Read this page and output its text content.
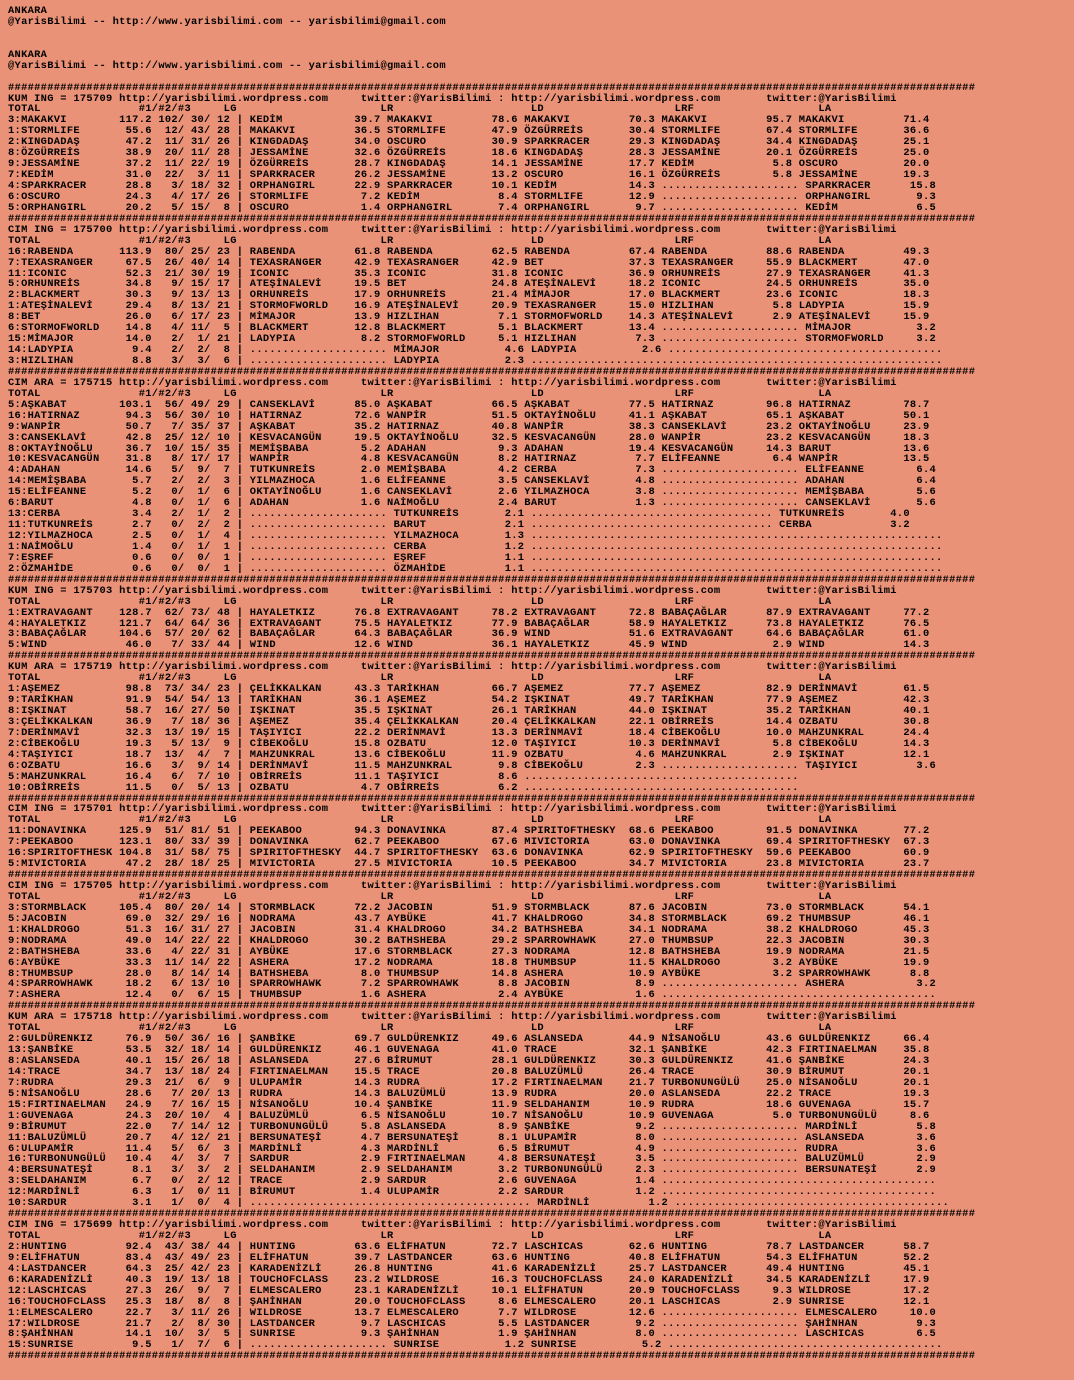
ANKARA
@YarisBilimi -- http://www.yarisbilimi.com -- yarisbilimi@gmail.com
ANKARA
@YarisBilimi -- http://www.yarisbilimi.com -- yarisbilimi@gmail.com
####################################################################################################################################################
KUM ING = 175709 http://yarisbilimi.wordpress.com     twitter:@YarisBilimi : http://yarisbilimi.wordpress.com       twitter:@YarisBilimi
TOTAL               #1/#2/#3     LG                      LR                     LD                    LRF                   LA
3:MAKAKVI        117.2 102/ 30/ 12 | KEDİM           39.7 MAKAKVI         78.6 MAKAKVI         70.3 MAKAKVI         95.7 MAKAKVI         71.4
1:STORMLIFE       55.6  12/ 43/ 28 | MAKAKVI         36.5 STORMLIFE       47.9 ÖZGÜRREİS       30.4 STORMLIFE       67.4 STORMLIFE       36.6
2:KINGDADAŞ       47.2  11/ 31/ 26 | KINGDADAŞ       34.0 OSCURO          30.9 SPARKRACER      29.3 KINGDADAŞ       34.4 KINGDADAŞ       25.1
8:ÖZGÜRREİS       38.9  20/ 11/ 28 | JESSAMİNE       32.6 ÖZGÜRREİS       18.6 KINGDADAŞ       28.3 JESSAMİNE       20.1 ÖZGÜRREİS       25.0
9:JESSAMİNE       37.2  11/ 22/ 19 | ÖZGÜRREİS       28.7 KINGDADAŞ       14.1 JESSAMİNE       17.7 KEDİM            5.8 OSCURO          20.0
7:KEDİM           31.0  22/  3/ 11 | SPARKRACER      26.2 JESSAMİNE       13.2 OSCURO          16.1 ÖZGÜRREİS        5.8 JESSAMİNE       19.3
4:SPARKRACER      28.8   3/ 18/ 32 | ORPHANGIRL      22.9 SPARKRACER      10.1 KEDİM           14.3 ..................... SPARKRACER      15.8
6:OSCURO          24.3   4/ 17/ 26 | STORMLIFE        7.2 KEDİM            8.4 STORMLIFE       12.9 ..................... ORPHANGIRL       9.3
5:ORPHANGIRL      20.2   5/ 15/  8 | OSCURO           1.4 ORPHANGIRL       7.4 ORPHANGIRL       9.7 ..................... KEDİM            6.5
####################################################################################################################################################
CIM ING = 175700 http://yarisbilimi.wordpress.com     twitter:@YarisBilimi : http://yarisbilimi.wordpress.com       twitter:@YarisBilimi
TOTAL               #1/#2/#3     LG                      LR                     LD                    LRF                   LA
16:RABENDA       113.9  80/ 25/ 23 | RABENDA         61.8 RABENDA         62.5 RABENDA         67.4 RABENDA         88.6 RABENDA         49.3
7:TEXASRANGER     67.5  26/ 40/ 14 | TEXASRANGER     42.9 TEXASRANGER     42.9 BET             37.3 TEXASRANGER     55.9 BLACKMERT       47.0
11:ICONIC         52.3  21/ 30/ 19 | ICONIC          35.3 ICONIC          31.8 ICONIC          36.9 ORHUNREİS       27.9 TEXASRANGER     41.3
5:ORHUNREİS       34.8   9/ 15/ 17 | ATEŞİNALEVİ     19.5 BET             24.8 ATEŞİNALEVİ     18.2 ICONIC          24.5 ORHUNREİS       35.0
2:BLACKMERT       30.3   9/ 13/ 13 | ORHUNREİS       17.9 ORHUNREİS       21.4 MİMAJOR         17.0 BLACKMERT       23.6 ICONIC          18.3
1:ATEŞİNALEVİ     29.4   8/ 13/ 21 | STORMOFWORLD    16.9 ATEŞİNALEVİ     20.9 TEXASRANGER     15.0 HIZLIHAN         5.8 LADYPIA         15.9
8:BET             26.0   6/ 17/ 23 | MİMAJOR         13.9 HIZLIHAN         7.1 STORMOFWORLD    14.3 ATEŞİNALEVİ      2.9 ATEŞİNALEVİ     15.9
6:STORMOFWORLD    14.8   4/ 11/  5 | BLACKMERT       12.8 BLACKMERT        5.1 BLACKMERT       13.4 ..................... MİMAJOR          3.2
15:MİMAJOR        14.0   2/  1/ 21 | LADYPIA          8.2 STORMOFWORLD     5.1 HIZLIHAN         7.3 ..................... STORMOFWORLD     3.2
14:LADYPIA         9.4   2/  2/  8 | ..................... MİMAJOR          4.6 LADYPIA          2.6 ..........................................
3:HIZLIHAN         8.8   3/  3/  6 | ..................... LADYPIA          2.3 ...............................................................
####################################################################################################################################################
CIM ARA = 175715 http://yarisbilimi.wordpress.com     twitter:@YarisBilimi : http://yarisbilimi.wordpress.com       twitter:@YarisBilimi
TOTAL               #1/#2/#3     LG                      LR                     LD                    LRF                   LA
5:AŞKABAT        103.1  56/ 49/ 29 | CANSEKLAVİ      85.0 AŞKABAT         66.5 AŞKABAT         77.5 HATIRNAZ        96.8 HATIRNAZ        78.7
16:HATIRNAZ       94.3  56/ 30/ 10 | HATIRNAZ        72.6 WANPİR          51.5 OKTAYİNOĞLU     41.1 AŞKABAT         65.1 AŞKABAT         50.1
9:WANPİR          50.7   7/ 35/ 37 | AŞKABAT         35.2 HATIRNAZ        40.8 WANPİR          38.3 CANSEKLAVİ      23.2 OKTAYİNOĞLU     23.9
3:CANSEKLAVİ      42.8  25/ 12/ 10 | KESVACANGÜN     19.5 OKTAYİNOĞLU     32.5 KESVACANGÜN     28.0 WANPİR          23.2 KESVACANGÜN     18.3
8:OKTAYİNOĞLU     36.7  10/ 15/ 35 | MEMİŞBABA        5.2 ADAHAN           9.3 ADAHAN          19.4 KESVACANGÜN     14.3 BARUT           13.6
10:KESVACANGÜN    31.8   8/ 17/ 17 | WANPİR           4.8 KESVACANGÜN      8.2 HATIRNAZ         7.7 ELİFEANNE        6.4 WANPİR          13.5
4:ADAHAN          14.6   5/  9/  7 | TUTKUNREİS       2.0 MEMİŞBABA        4.2 CERBA            7.3 ..................... ELİFEANNE        6.4
14:MEMİŞBABA       5.7   2/  2/  3 | YILMAZHOCA       1.6 ELİFEANNE        3.5 CANSEKLAVİ       4.8 ..................... ADAHAN           6.4
15:ELİFEANNE       5.2   0/  1/  6 | OKTAYİNOĞLU      1.6 CANSEKLAVİ       2.6 YILMAZHOCA       3.8 ..................... MEMİŞBABA        5.6
6:BARUT            4.8   0/  1/  6 | ADAHAN           1.6 NAİMOĞLU         2.4 BARUT            1.3 ..................... CANSEKLAVİ       5.6
13:CERBA           3.4   2/  1/  2 | ..................... TUTKUNREİS       2.1 ..................................... TUTKUNREİS       4.0
11:TUTKUNREİS      2.7   0/  2/  2 | ..................... BARUT            2.1 ..................................... CERBA            3.2
12:YILMAZHOCA      2.5   0/  1/  4 | ..................... YILMAZHOCA       1.3 ...............................................................
1:NAİMOĞLU         1.4   0/  1/  1 | ..................... CERBA            1.2 ...............................................................
7:EŞREF            0.6   0/  0/  1 | ..................... EŞREF            1.1 ...............................................................
2:ÖZMAHİDE         0.6   0/  0/  1 | ..................... ÖZMAHİDE         1.1 ...............................................................
####################################################################################################################################################
KUM ING = 175703 http://yarisbilimi.wordpress.com     twitter:@YarisBilimi : http://yarisbilimi.wordpress.com       twitter:@YarisBilimi
TOTAL               #1/#2/#3     LG                      LR                     LD                    LRF                   LA
1:EXTRAVAGANT    128.7  62/ 73/ 48 | HAYALETKIZ      76.8 EXTRAVAGANT     78.2 EXTRAVAGANT     72.8 BABAÇAĞLAR      87.9 EXTRAVAGANT     77.2
4:HAYALETKIZ     121.7  64/ 64/ 36 | EXTRAVAGANT     75.5 HAYALETKIZ      77.9 BABAÇAĞLAR      58.9 HAYALETKIZ      73.8 HAYALETKIZ      76.5
3:BABAÇAĞLAR     104.6  57/ 20/ 62 | BABAÇAĞLAR      64.3 BABAÇAĞLAR      36.9 WIND            51.6 EXTRAVAGANT     64.6 BABAÇAĞLAR      61.0
5:WIND            46.0   7/ 33/ 44 | WIND            12.6 WIND            36.1 HAYALETKIZ      45.9 WIND             2.9 WIND            14.3
####################################################################################################################################################
KUM ARA = 175719 http://yarisbilimi.wordpress.com     twitter:@YarisBilimi : http://yarisbilimi.wordpress.com       twitter:@YarisBilimi
TOTAL               #1/#2/#3     LG                      LR                     LD                    LRF                   LA
1:AŞEMEZ          98.8  73/ 34/ 23 | ÇELİKKALKAN     43.3 TARİKHAN        66.7 AŞEMEZ          77.7 AŞEMEZ          82.9 DERİNMAVİ       61.5
9:TARİKHAN        91.9  54/ 54/ 13 | TARİKHAN        36.1 AŞEMEZ          54.2 IŞKINAT         49.7 TARİKHAN        77.9 AŞEMEZ          42.3
8:IŞKINAT         58.7  16/ 27/ 50 | IŞKINAT         35.5 IŞKINAT         26.1 TARİKHAN        44.0 IŞKINAT         35.2 TARİKHAN        40.1
3:ÇELİKKALKAN     36.9   7/ 18/ 36 | AŞEMEZ          35.4 ÇELİKKALKAN     20.4 ÇELİKKALKAN     22.1 OBİRREİS        14.4 OZBATU          30.8
7:DERİNMAVİ       32.3  13/ 19/ 15 | TAŞIYICI        22.2 DERİNMAVİ       13.3 DERİNMAVİ       18.4 CİBEKOĞLU       10.0 MAHZUNKRAL      24.4
2:CİBEKOĞLU       19.3   5/ 13/  9 | CİBEKOĞLU       15.8 OZBATU          12.0 TAŞIYICI        10.3 DERİNMAVİ        5.8 CİBEKOĞLU       14.3
4:TAŞIYICI        18.7  13/  4/  7 | MAHZUNKRAL      13.6 CİBEKOĞLU       11.9 OZBATU           4.6 MAHZUNKRAL       2.9 IŞKINAT         12.1
6:OZBATU          16.6   3/  9/ 14 | DERİNMAVİ       11.5 MAHZUNKRAL       9.8 CİBEKOĞLU        2.3 ..................... TAŞIYICI         3.6
5:MAHZUNKRAL      16.4   6/  7/ 10 | OBİRREİS        11.1 TAŞIYICI         8.6 ..........................................
10:OBİRREİS       11.5   0/  5/ 13 | OZBATU           4.7 OBİRREİS         6.2 ..........................................
####################################################################################################################################################
CIM ING = 175701 http://yarisbilimi.wordpress.com     twitter:@YarisBilimi : http://yarisbilimi.wordpress.com       twitter:@YarisBilimi
TOTAL               #1/#2/#3     LG                      LR                     LD                    LRF                   LA
11:DONAVINKA     125.9  51/ 81/ 51 | PEEKABOO        94.3 DONAVINKA       87.4 SPIRITOFTHESKY  68.6 PEEKABOO        91.5 DONAVINKA       77.2
7:PEEKABOO       123.1  80/ 33/ 39 | DONAVINKA       62.7 PEEKABOO        67.6 MIVICTORIA      63.0 DONAVINKA       69.4 SPIRITOFTHESKY  67.3
16:SPIRITOFTHESK 104.8  31/ 58/ 75 | SPIRITOFTHESKY  44.7 SPIRITOFTHESKY  63.6 DONAVINKA       62.9 SPIRITOFTHESKY  59.6 PEEKABOO        60.9
5:MIVICTORIA      47.2  28/ 18/ 25 | MIVICTORIA      27.5 MIVICTORIA      10.5 PEEKABOO        34.7 MIVICTORIA      23.8 MIVICTORIA      23.7
####################################################################################################################################################
CIM ING = 175705 http://yarisbilimi.wordpress.com     twitter:@YarisBilimi : http://yarisbilimi.wordpress.com       twitter:@YarisBilimi
TOTAL               #1/#2/#3     LG                      LR                     LD                    LRF                   LA
3:STORMBLACK     105.4  80/ 20/ 14 | STORMBLACK      72.2 JACOBIN         51.9 STORMBLACK      87.6 JACOBIN         73.0 STORMBLACK      54.1
5:JACOBIN         69.0  32/ 29/ 16 | NODRAMA         43.7 AYBÜKE          41.7 KHALDROGO       34.8 STORMBLACK      69.2 THUMBSUP        46.1
1:KHALDROGO       51.3  16/ 31/ 27 | JACOBIN         31.4 KHALDROGO       34.2 BATHSHEBA       34.1 NODRAMA         38.2 KHALDROGO       45.3
9:NODRAMA         49.0  14/ 22/ 22 | KHALDROGO       30.2 BATHSHEBA       29.2 SPARROWHAWK     27.0 THUMBSUP        22.3 JACOBIN         30.3
2:BATHSHEBA       33.6   4/ 22/ 31 | AYBÜKE          17.6 STORMBLACK      27.3 NODRAMA         12.8 BATHSHEBA       19.9 NODRAMA         21.5
6:AYBÜKE          33.3  11/ 14/ 22 | ASHERA          17.2 NODRAMA         18.8 THUMBSUP        11.5 KHALDROGO        3.2 AYBÜKE          19.9
8:THUMBSUP        28.0   8/ 14/ 14 | BATHSHEBA        8.0 THUMBSUP        14.8 ASHERA          10.9 AYBÜKE           3.2 SPARROWHAWK      8.8
4:SPARROWHAWK     18.2   6/ 13/ 10 | SPARROWHAWK      7.2 SPARROWHAWK      8.8 JACOBIN          8.9 ..................... ASHERA           3.2
7:ASHERA          12.4   0/  6/ 15 | THUMBSUP         1.6 ASHERA           2.4 AYBÜKE           1.6 ..........................................
####################################################################################################################################################
KUM ARA = 175718 http://yarisbilimi.wordpress.com     twitter:@YarisBilimi : http://yarisbilimi.wordpress.com       twitter:@YarisBilimi
TOTAL               #1/#2/#3     LG                      LR                     LD                    LRF                   LA
2:GULDÜRENKIZ     76.9  50/ 36/ 16 | ŞANBİKE         69.7 GULDÜRENKIZ     49.6 ASLANSEDA       44.9 NİSANOĞLU       43.6 GULDÜRENKIZ     66.4
13:ŞANBİKE        53.5  32/ 18/ 14 | GULDÜRENKIZ     46.1 GUVENAGA        41.0 TRACE           32.1 ŞANBİKE         42.3 FIRTINAELMAN    35.8
8:ASLANSEDA       40.1  15/ 26/ 18 | ASLANSEDA       27.6 BİRUMUT         28.1 GULDÜRENKIZ     30.3 GULDÜRENKIZ     41.6 ŞANBİKE         24.3
14:TRACE          34.7  13/ 18/ 24 | FIRTINAELMAN    15.5 TRACE           20.8 BALUZÜMLÜ       26.4 TRACE           30.9 BİRUMUT         20.1
7:RUDRA           29.3  21/  6/  9 | ULUPAMİR        14.3 RUDRA           17.2 FIRTINAELMAN    21.7 TURBONUNGÜLÜ    25.0 NİSANOĞLU       20.1
5:NİSANOĞLU       28.6   7/ 20/ 13 | RUDRA           14.3 BALUZÜMLÜ       13.9 RUDRA           20.0 ASLANSEDA       22.2 TRACE           19.3
15:FIRTINAELMAN   24.9   7/ 16/ 15 | NİSANOĞLU       10.4 ŞANBİKE         11.9 SELDAHANIM      10.9 RUDRA           18.6 GUVENAGA        15.7
1:GUVENAGA        24.3  20/ 10/  4 | BALUZÜMLÜ        6.5 NİSANOĞLU       10.7 NİSANOĞLU       10.9 GUVENAGA         5.0 TURBONUNGÜLÜ     8.6
9:BİRUMUT         22.0   7/ 14/ 12 | TURBONUNGÜLÜ     5.8 ASLANSEDA        8.9 ŞANBİKE          9.2 ..................... MARDİNLİ         5.8
11:BALUZÜMLÜ      20.7   4/ 12/ 21 | BERSUNATEŞİ      4.7 BERSUNATEŞİ      8.1 ULUPAMİR         8.0 ..................... ASLANSEDA        3.6
6:ULUPAMİR        11.4   5/  6/  3 | MARDİNLİ         4.3 MARDİNLİ         6.5 BİRUMUT          4.9 ..................... RUDRA            3.6
16:TURBONUNGÜLÜ   10.4   4/  3/  7 | SARDUR           2.9 FIRTINAELMAN     4.8 BERSUNATEŞİ      3.5 ..................... BALUZÜMLÜ        2.9
4:BERSUNATEŞİ      8.1   3/  3/  2 | SELDAHANIM       2.9 SELDAHANIM       3.2 TURBONUNGÜLÜ     2.3 ..................... BERSUNATEŞİ      2.9
3:SELDAHANIM       6.7   0/  2/ 12 | TRACE            2.9 SARDUR           2.6 GUVENAGA         1.4 ..........................................
12:MARDİNLİ        6.3   1/  0/ 11 | BİRUMUT          1.4 ULUPAMİR         2.2 SARDUR           1.2 ..........................................
10:SARDUR          3.1   1/  0/  4 | ........................................... MARDİNLİ         1.2 ..........................................
####################################################################################################################################################
CIM ING = 175699 http://yarisbilimi.wordpress.com     twitter:@YarisBilimi : http://yarisbilimi.wordpress.com       twitter:@YarisBilimi
TOTAL               #1/#2/#3     LG                      LR                     LD                    LRF                   LA
2:HUNTING         92.4  43/ 38/ 44 | HUNTING         63.6 ELİFHATUN       72.7 LASCHICAS       62.6 HUNTING         78.7 LASTDANCER      58.7
9:ELİFHATUN       83.4  43/ 49/ 23 | ELİFHATUN       39.7 LASTDANCER      63.6 HUNTING         40.8 ELİFHATUN       54.3 ELİFHATUN       52.2
4:LASTDANCER      64.3  25/ 42/ 23 | KARADENİZLİ     26.8 HUNTING         41.6 KARADENİZLİ     25.7 LASTDANCER      49.4 HUNTING         45.1
6:KARADENİZLİ     40.3  19/ 13/ 18 | TOUCHOFCLASS    23.2 WILDROSE        16.3 TOUCHOFCLASS    24.0 KARADENİZLİ     34.5 KARADENİZLİ     17.9
12:LASCHICAS      27.3  26/  9/  7 | ELMESCALERO     23.1 KARADENİZLİ     10.1 ELİFHATUN       20.9 TOUCHOFCLASS     9.3 WILDROSE        17.2
16:TOUCHOFCLASS   25.3  18/  8/  8 | ŞAHİNHAN        20.0 TOUCHOFCLASS     8.6 ELMESCALERO     20.1 LASCHICAS        2.9 SUNRISE         12.1
1:ELMESCALERO     22.7   3/ 11/ 26 | WILDROSE        13.7 ELMESCALERO      7.7 WILDROSE        12.6 ..................... ELMESCALERO     10.0
17:WILDROSE       21.7   2/  8/ 30 | LASTDANCER       9.7 LASCHICAS        5.5 LASTDANCER       9.2 ..................... ŞAHİNHAN         9.3
8:ŞAHİNHAN        14.1  10/  3/  5 | SUNRISE          9.3 ŞAHİNHAN         1.9 ŞAHİNHAN         8.0 ..................... LASCHICAS        6.5
15:SUNRISE         9.5   1/  7/  6 | ..................... SUNRISE          1.2 SUNRISE          5.2 ..........................................
####################################################################################################################################################
